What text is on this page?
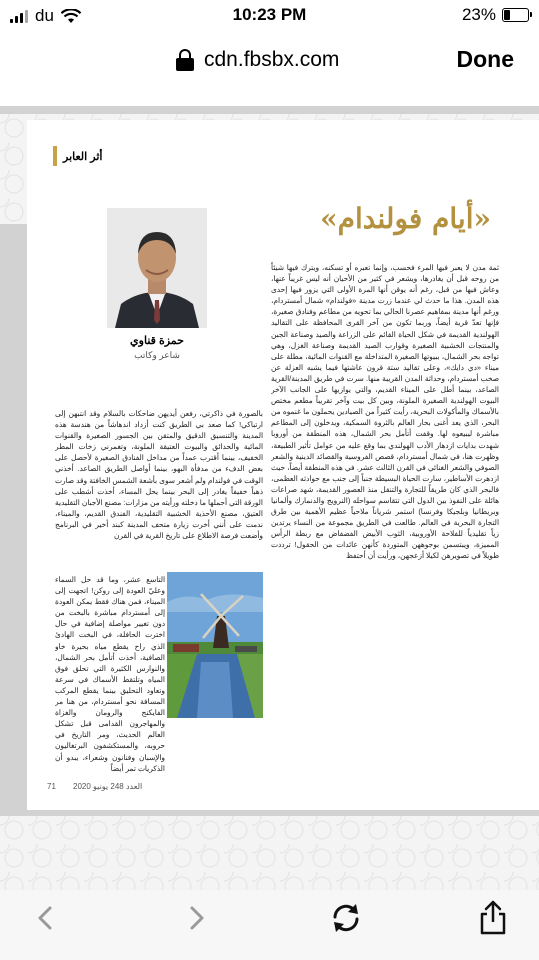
du	10:23 PM	23%
cdn.fbsbx.com	Done
أثر العابر
«أيام فولندام»
حمزة قناوي
شاعر وكاتب
ثمة مدن لا يعبر فيها المرء فحسب، وإنما تعبره أو تسكنه، ويترك فيها شيئاً من روحه قبل أن يغادرها، ويشعر في كثير من الأحيان أنه ليس غريباً عنها، وعاش فيها من قبل، رغم أنه يوقن أنها المرة الأولى التي يزور فيها إحدى هذه المدن. هذا ما حدث لي عندما زرت مدينة «فولندام» شمال أمستردام، ورغم أنها مدينة بمفاهيم عصرنا الحالي بما تحويه من مطاعم وفنادق صغيرة، فإنها تعدّ قرية أيضاً، وربما تكون من آخر القرى المحافظة على التقاليد الهولندية القديمة في شكل الحياة القائم على الزراعة والصيد وصناعة الجبن والمنتجات الخشبية الصغيرة وقوارب الصيد القديمة وصناعة الغزل، وهي تواجه بحر الشمال، ببيوتها الصغيرة المتداخلة مع القنوات المائية، مطلة على ميناء «دي دايك»، وعلى تقاليد ستة قرون عاشتها فيما يشبه العزلة عن صخب أمستردام، وحداثة المدن القريبة منها. سرت في طريق المدينة/القرية الصاعد، بينما أطل على الميناء القديم، والتي يوازيها على الجانب الآخر البيوت الهولندية الصغيرة الملونة، وبين كل بيت وآخر تقريباً مطعم مختص بالأسماك والمأكولات البحرية، رأيت كثيراً من الصيادين يحملون ما غنموه من البحر، الذي يعد أغنى بحار العالم بالثروة السمكية، ويدخلون إلى المطاعم مباشرة ليبيعوه لها. وقفت أتأمل بحر الشمال، هذه المنطقة من أوروبا شهدت بدايات ازدهار الأدب الهولندي بما وقع عليه من عوامل تأثير الطبيعة، وظهرت هنا، في شمال أمستردام، قصص الفروسية والقصائد الدينية والشعر الصوفي والشعر الغنائي في القرن الثالث عشر. في هذه المنطقة أيضاً، حيث ازدهرت الأساطير، سارت الحياة البسيطة جنباً إلى جنب مع حوادثه العظمى، فالبحر الذي كان طريقاً للتجارة والتنقل منذ العصور القديمة، شهد صراعات هائلة على النفوذ بين الدول التي تتقاسم سواحله (النرويج والدنمارك وألمانيا وبريطانيا وبلجيكا وفرنسا) استمر شرياناً ملاحياً عظيم الأهمية بين طرق التجارة البحرية في العالم. طالعت في الطريق مجموعة من النساء يرتدين زياً تقليدياً للفلاحة الأوروبية، الثوب الأبيض الفضفاض مع ربطة الرأس المميزة، ويبتسمن بوجوههن المتوردة كأنهن عائدات من الحقول! ترددت طويلاً في تصويرهن لكيلا أزعجهن، ورأيت أن أحتفظ
بالصورة في ذاكرتي، رفعن أيديهن ضاحكات بالسلام وقد انتبهن إلى ارتباكي! كما صعد بي الطريق كنت أزداد اندهاشاً من هندسة هذه المدينة والتنسيق الدقيق والمتقن بين الجسور الصغيرة والقنوات المائية والحدائق والبيوت العتيقة الملونة، وتغمرني زخات المطر الخفيف، بينما أقترب عمداً من مداخل الفنادق الصغيرة لأحصل على بعض الدفء من مدفأة البهو، بينما أواصل الطريق الصاعد. أخذني الوقت في فولندام ولم أشعر سوى بأشعة الشمس الخافتة وقد صارت ذهباً خفيفاً يغادر إلى البحر بينما يحل المساء، أخذت أشطب على الورقة التي أحملها ما دخلته ورأيته من مزارات: مصنع الأجبان التقليدية العتيق، مصنع الأحذية الخشبية التقليدية، الفندق القديم، والميناء، ندمت على أنني أخرت زيارة متحف المدينة كبند أخير في البرنامج وأضعت فرصة الاطلاع على تاريخ القرية في القرن
التاسع عشر، وما قد حل السماء وعليّ العودة إلى روكن! اتجهت إلى الميناء، فمن هناك فقط يمكن العودة إلى أمستردام مباشرة بالبخت من دون تغيير مواصلة إضافية في حال اخترت الحافلة، في البخت الهادئ الذي راح يقطع مياه بحيرة خاو الصافية، أخذت أتأمل بحر الشمال، والنوارس الكثيرة التي تحلق فوق المياه وتلتقط الأسماك في سرعة وتعاود التحليق بينما يقطع المركب المسافة نحو أمستردام، من هنا مر الفايكنج والرومان والغزاة والمهاجرون القدامى قبل تشكل العالم الحديث، ومر التاريخ في حروبه، والمستكشفون البرتغاليون والإسبان وفنانون وشعراء، يبدو أن الذكريات تمر أيضاً
71 العدد 248 يونيو 2020
